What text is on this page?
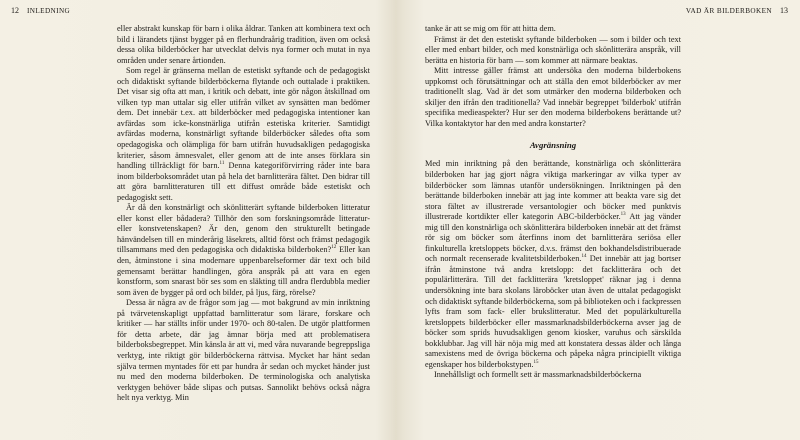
12 INLEDNING

eller abstrakt kunskap för barn i olika åldrar. Tanken att kombinera text och bild i lärandets tjänst bygger på en flerhundraårig tradition, även om också dessa olika bilderböcker har utvecklat delvis nya former och mutat in nya områden under senare årtionden.

Som regel är gränserna mellan de estetiskt syftande och de pedagogiskt och didaktiskt syftande bilderböckerna flytande och outtalade i praktiken. Det visar sig ofta att man, i kritik och debatt, inte gör någon åtskillnad om vilken typ man uttalar sig eller utifrån vilket av synsätten man bedömer dem. Det innebär t.ex. att bilderböcker med pedagogiska intentioner kan avfärdas som icke-konstnärliga utifrån estetiska kriterier. Samtidigt avfärdas moderna, konstnärligt syftande bilderböcker således ofta som opedagogiska och olämpliga för barn utifrån huvudsakligen pedagogiska kriterier, såsom ämnesvalet, eller genom att de inte anses förklara sin handling tillräckligt för barn.$^{11}$ Denna kategoriförvirring råder inte bara inom bilderboksområdet utan på hela det barnlitterära fältet. Den bidrar till att göra barnlitteraturen till ett diffust område både estetiskt och pedagogiskt sett.

Är då den konstnärligt och skönlitterärt syftande bilderboken litteratur eller konst eller bådadera? Tillhör den som forskningsområde litteratur- eller konstvetenskapen? Är den, genom den strukturellt betingade hänvändelsen till en minderårig läsekrets, alltid först och främst pedagogik tillsammans med den pedagogiska och didaktiska bilderboken?$^{12}$ Eller kan den, åtminstone i sina modernare uppenbarelseformer där text och bild gemensamt berättar handlingen, göra anspråk på att vara en egen konstform, som snarast bör ses som en släkting till andra flerdubbla medier som även de bygger på ord och bilder, på ljus, färg, rörelse?

Dessa är några av de frågor som jag — mot bakgrund av min inriktning på tvärvetenskapligt uppfattad barnlitteratur som lärare, forskare och kritiker — har ställts inför under 1970- och 80-talen. De utgör plattformen för detta arbete, där jag ämnar börja med att problematisera bilderboksbegreppet. Min känsla är att vi, med våra nuvarande begreppsliga verktyg, inte riktigt gör bilderböckerna rättvisa. Mycket har hänt sedan själva termen myntades för ett par hundra år sedan och mycket händer just nu med den moderna bilderboken. De terminologiska och analytiska verktygen behöver både slipas och putsas. Sannolikt behövs också några helt nya verktyg. Min

VAD ÄR BILDERBOKEN 13

tanke är att se mig om för att hitta dem.

Främst är det den estetiskt syftande bilderboken — som i bilder och text eller med enbart bilder, och med konstnärliga och skönlitterära anspråk, vill berätta en historia för barn — som kommer att närmare beaktas.

Mitt intresse gäller främst att undersöka den moderna bilderbokens uppkomst och förutsättningar och att ställa den emot bilderböcker av mer traditionellt slag. Vad är det som utmärker den moderna bilderboken och skiljer den ifrån den traditionella? Vad innebär begreppet 'bilderbok' utifrån specifika medieaspekter? Hur ser den moderna bilderbokens berättande ut? Vilka kontaktytor har den med andra konstarter?

Avgränsning

Med min inriktning på den berättande, konstnärliga och skönlitterära bilderboken har jag gjort några viktiga markeringar av vilka typer av bilderböcker som lämnas utanför undersökningen. Inriktningen på den berättande bilderboken innebär att jag inte kommer att beakta vare sig det stora fältet av illustrerade versantologier och böcker med punktvis illustrerade kortdikter eller kategorin ABC-bilderböcker.$^{13}$ Att jag vänder mig till den konstnärliga och skönlitterära bilderboken innebär att det främst rör sig om böcker som återfinns inom det barnlitterära seriösa eller finkulturella kretsloppets böcker, d.v.s. främst den bokhandelsdistribuerade och normalt recenserade kvalitetsbilderboken.$^{14}$ Det innebär att jag bortser ifrån åtminstone två andra kretslopp: det facklitterära och det populärlitterära. Till det facklitterära 'kretsloppet' räknar jag i denna undersökning inte bara skolans läroböcker utan även de uttalat pedagogiskt och didaktiskt syftande bilderböckerna, som på biblioteken och i fackpressen lyfts fram som fack- eller brukslitteratur. Med det populärkulturella kretsloppets bilderböcker eller massmarknadsbilderböckerna avser jag de böcker som sprids huvudsakligen genom kiosker, varuhus och särskilda bokklubbar. Jag vill här nöja mig med att konstatera dessas älder och långa samexistens med de övriga böckerna och påpeka några principiellt viktiga egenskaper hos bilderbokstypen.$^{15}$

Innehållsligt och formellt sett är massmarknadsbilderböckerna
